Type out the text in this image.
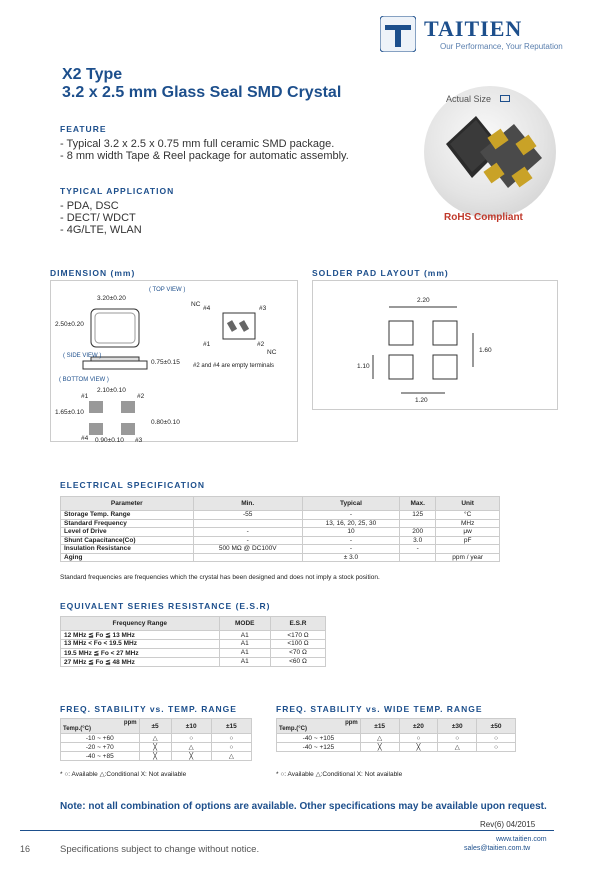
TAITIEN
Our Performance, Your Reputation
X2 Type
3.2 x 2.5 mm Glass Seal SMD Crystal
FEATURE
- Typical 3.2 x 2.5 x 0.75 mm full ceramic SMD package.
- 8 mm width Tape & Reel package for automatic assembly.
TYPICAL APPLICATION
- PDA, DSC
- DECT/ WDCT
- 4G/LTE, WLAN
Actual Size
RoHS Compliant
DIMENSION (mm)
( TOP VIEW )
3.20±0.20
2.50±0.20
( SIDE VIEW )
0.75±0.15
( BOTTOM VIEW )
2.10±0.10
1.65±0.10
0.80±0.10
0.90±0.10
#1	#2
#3
#4
NC
#4	#3
#1	#2
NC
#2 and #4 are empty terminals
SOLDER PAD LAYOUT (mm)
2.20
1.60
1.10
1.20
ELECTRICAL SPECIFICATION
Parameter	Min.	Typical	Max.	Unit
Storage Temp. Range	-55	-	125	°C
Standard Frequency		13, 16, 20, 25, 30		MHz
Level of Drive	-	10	200	μw
Shunt Capacitance(Co)	-	-	3.0	pF
Insulation Resistance	500 MΩ @ DC100V	-	-	
Aging		± 3.0		ppm / year
Standard frequencies are frequencies which the crystal has been designed and does not imply a stock position.
EQUIVALENT SERIES RESISTANCE (E.S.R)
Frequency Range	MODE	E.S.R
12 MHz ≦ Fo ≦ 13 MHz	A1	<170 Ω
13 MHz < Fo < 19.5 MHz	A1	<100 Ω
19.5 MHz ≦ Fo < 27 MHz	A1	<70 Ω
27 MHz ≦ Fo ≦ 48 MHz	A1	<60 Ω
FREQ. STABILITY vs. TEMP. RANGE
ppm
Temp.(°C)	±5	±10	±15
-10 ~ +60	△	○	○
-20 ~ +70	╳	△	○
-40 ~ +85	╳	╳	△
* ○: Available △:Conditional X: Not available
FREQ. STABILITY vs. WIDE TEMP. RANGE
ppm
Temp.(°C)	±15	±20	±30	±50
-40 ~ +105	△	○	○	○
-40 ~ +125	╳	╳	△	○
* ○: Available △:Conditional X: Not available
Note: not all combination of options are available. Other specifications may be available upon request.
16	Specifications subject to change without notice.
Rev(6) 04/2015
www.taitien.com
sales@taitien.com.tw
